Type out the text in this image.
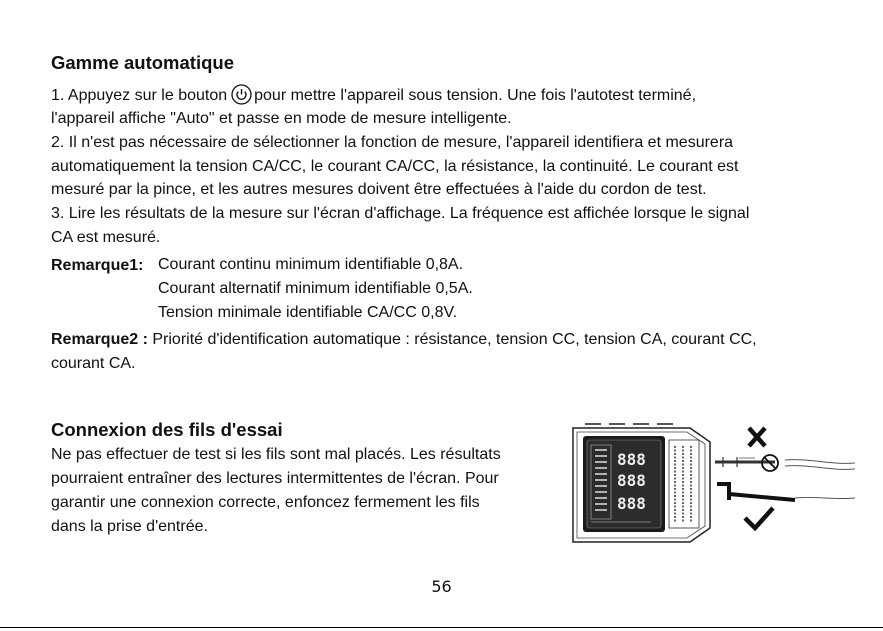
Gamme automatique
1. Appuyez sur le bouton pour mettre l'appareil sous tension. Une fois l'autotest terminé,
l'appareil affiche "Auto" et passe en mode de mesure intelligente.
2. Il n'est pas nécessaire de sélectionner la fonction de mesure, l'appareil identifiera et mesurera
automatiquement la tension CA/CC, le courant CA/CC, la résistance, la continuité. Le courant est
mesuré par la pince, et les autres mesures doivent être effectuées à l'aide du cordon de test.
3. Lire les résultats de la mesure sur l'écran d'affichage. La fréquence est affichée lorsque le signal
CA est mesuré.
Remarque1: Courant continu minimum identifiable 0,8A.
Courant alternatif minimum identifiable 0,5A.
Tension minimale identifiable CA/CC 0,8V.
Remarque2 : Priorité d'identification automatique : résistance, tension CC, tension CA, courant CC,
courant CA.
Connexion des fils d'essai
Ne pas effectuer de test si les fils sont mal placés. Les résultats
pourraient entraîner des lectures intermittentes de l'écran. Pour
garantir une connexion correcte, enfoncez fermement les fils
dans la prise d'entrée.
888
888
888
56
